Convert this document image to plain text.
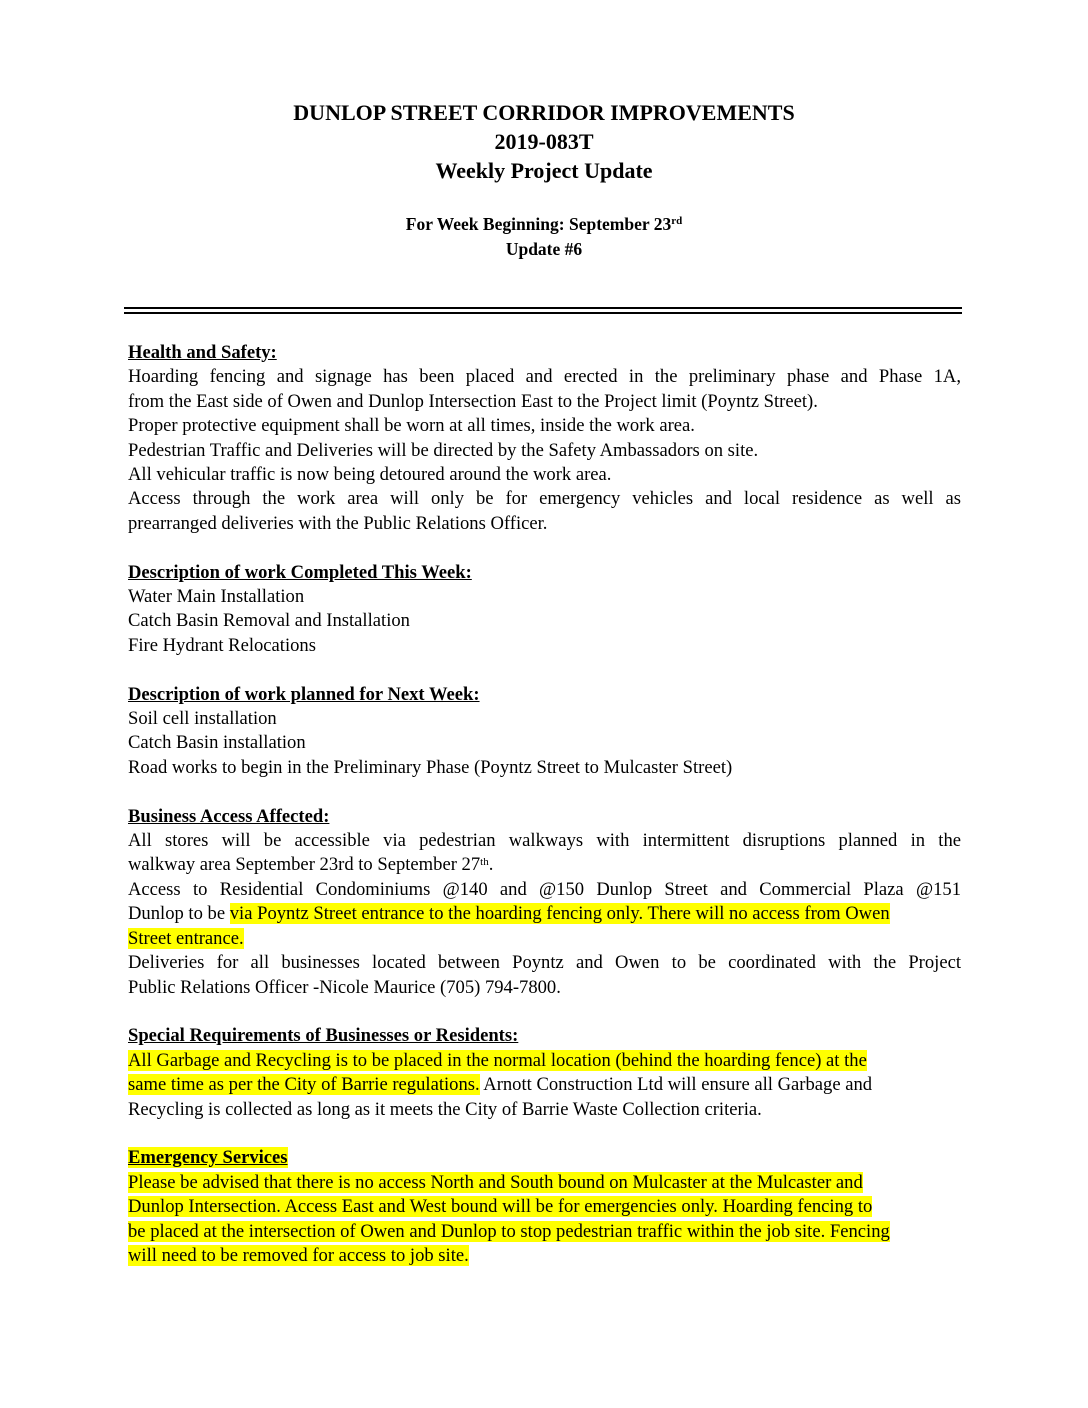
DUNLOP STREET CORRIDOR IMPROVEMENTS
2019-083T
Weekly Project Update
For Week Beginning: September 23rd
Update #6
Health and Safety:
Hoarding fencing and signage has been placed and erected in the preliminary phase and Phase 1A,
from the East side of Owen and Dunlop Intersection East to the Project limit (Poyntz Street).
Proper protective equipment shall be worn at all times, inside the work area.
Pedestrian Traffic and Deliveries will be directed by the Safety Ambassadors on site.
All vehicular traffic is now being detoured around the work area.
Access through the work area will only be for emergency vehicles and local residence as well as
prearranged deliveries with the Public Relations Officer.
Description of work Completed This Week:
Water Main Installation
Catch Basin Removal and Installation
Fire Hydrant Relocations
Description of work planned for Next Week:
Soil cell installation
Catch Basin installation
Road works to begin in the Preliminary Phase (Poyntz Street to Mulcaster Street)
Business Access Affected:
All stores will be accessible via pedestrian walkways with intermittent disruptions planned in the
walkway area September 23rd to September 27th.
Access to Residential Condominiums @140 and @150 Dunlop Street and Commercial Plaza @151
Dunlop to be via Poyntz Street entrance to the hoarding fencing only. There will no access from Owen
Street entrance.
Deliveries for all businesses located between Poyntz and Owen to be coordinated with the Project
Public Relations Officer -Nicole Maurice (705) 794-7800.
Special Requirements of Businesses or Residents:
All Garbage and Recycling is to be placed in the normal location (behind the hoarding fence) at the
same time as per the City of Barrie regulations. Arnott Construction Ltd will ensure all Garbage and
Recycling is collected as long as it meets the City of Barrie Waste Collection criteria.
Emergency Services
Please be advised that there is no access North and South bound on Mulcaster at the Mulcaster and
Dunlop Intersection. Access East and West bound will be for emergencies only. Hoarding fencing to
be placed at the intersection of Owen and Dunlop to stop pedestrian traffic within the job site. Fencing
will need to be removed for access to job site.
